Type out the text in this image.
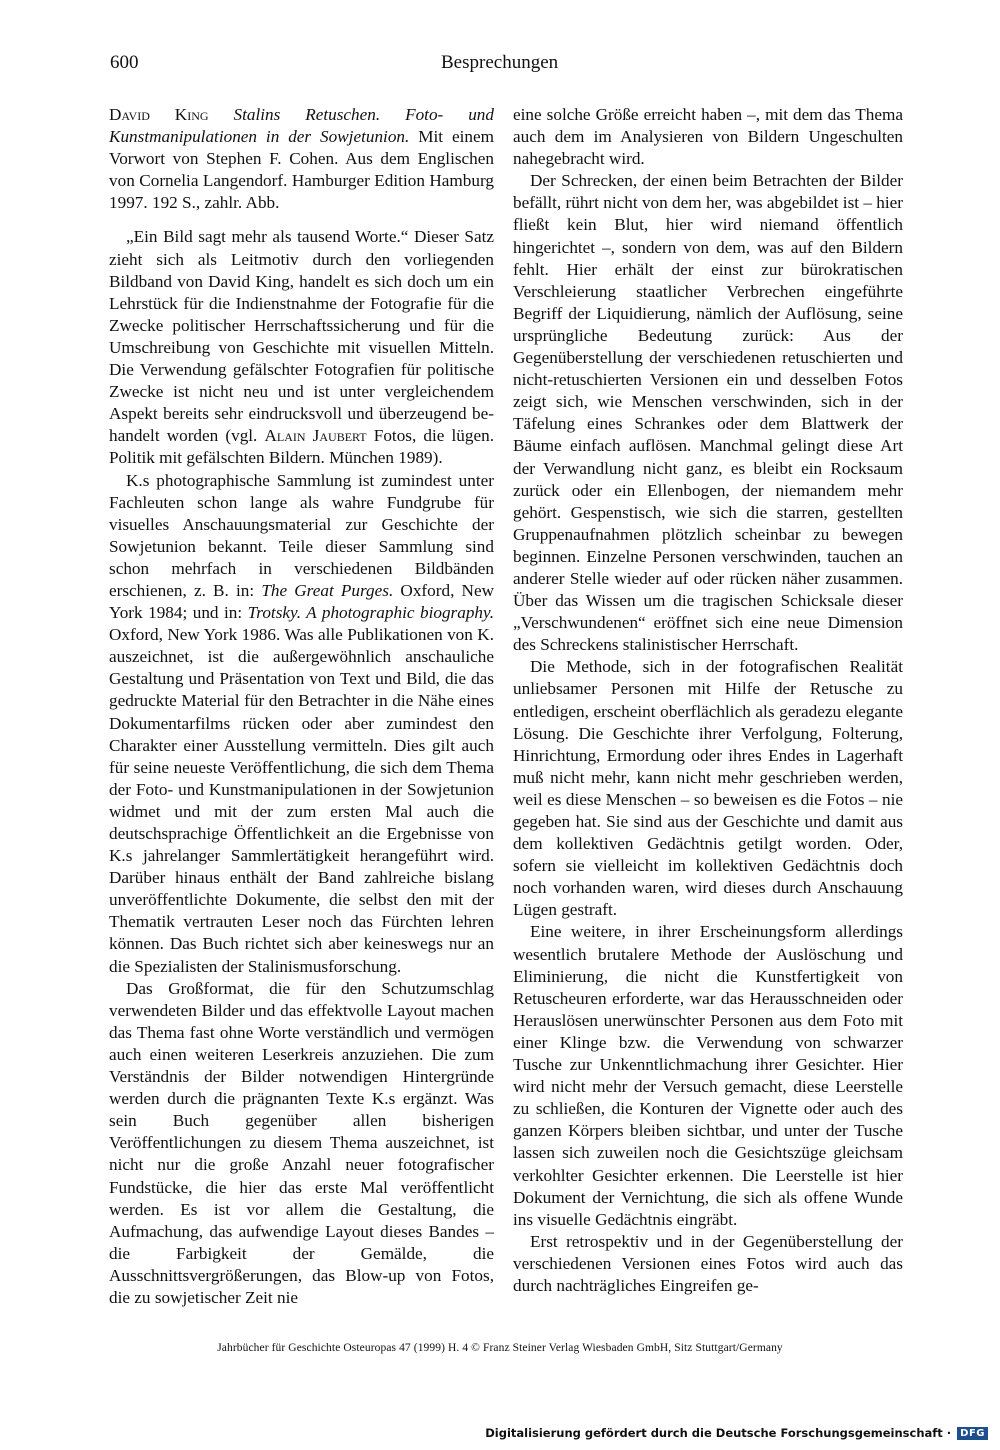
600	Besprechungen

David King Stalins Retuschen. Foto- und Kunstmanipulationen in der Sowjetunion. Mit einem Vorwort von Stephen F. Cohen. Aus dem Englischen von Cornelia Langendorf. Hamburger Edition Hamburg 1997. 192 S., zahlr. Abb.

„Ein Bild sagt mehr als tausend Worte.“ Dieser Satz zieht sich als Leitmotiv durch den vorliegenden Bildband von David King, handelt es sich doch um ein Lehrstück für die Indienstnahme der Fotografie für die Zwecke politischer Herrschaftssicherung und für die Umschreibung von Geschichte mit visuellen Mitteln. Die Verwendung gefälschter Fotografien für politische Zwecke ist nicht neu und ist unter vergleichendem Aspekt bereits sehr eindrucksvoll und überzeugend behandelt worden (vgl. Alain Jaubert Fotos, die lügen. Politik mit gefälschten Bildern. München 1989).

K.s photographische Sammlung ist zumindest unter Fachleuten schon lange als wahre Fundgrube für visuelles Anschauungsmaterial zur Geschichte der Sowjetunion bekannt. Teile dieser Sammlung sind schon mehrfach in verschiedenen Bildbänden erschienen, z. B. in: The Great Purges. Oxford, New York 1984; und in: Trotsky. A photographic biography. Oxford, New York 1986. Was alle Publikationen von K. auszeichnet, ist die außergewöhnlich anschauliche Gestaltung und Präsentation von Text und Bild, die das gedruckte Material für den Betrachter in die Nähe eines Dokumentarfilms rücken oder aber zumindest den Charakter einer Ausstellung vermitteln. Dies gilt auch für seine neueste Veröffentlichung, die sich dem Thema der Foto- und Kunstmanipulationen in der Sowjetunion widmet und mit der zum ersten Mal auch die deutschsprachige Öffentlichkeit an die Ergebnisse von K.s jahrelanger Sammlertätigkeit herangeführt wird. Darüber hinaus enthält der Band zahlreiche bislang unveröffentlichte Dokumente, die selbst den mit der Thematik vertrauten Leser noch das Fürchten lehren können. Das Buch richtet sich aber keineswegs nur an die Spezialisten der Stalinismusforschung.

Das Großformat, die für den Schutzumschlag verwendeten Bilder und das effektvolle Layout machen das Thema fast ohne Worte verständlich und vermögen auch einen weiteren Leserkreis anzuziehen. Die zum Verständnis der Bilder notwendigen Hintergründe werden durch die prägnanten Texte K.s ergänzt. Was sein Buch gegenüber allen bisherigen Veröffentlichungen zu diesem Thema auszeichnet, ist nicht nur die große Anzahl neuer fotografischer Fundstücke, die hier das erste Mal veröffentlicht werden. Es ist vor allem die Gestaltung, die Aufmachung, das aufwendige Layout dieses Bandes – die Farbigkeit der Gemälde, die Ausschnittsvergrößerungen, das Blow-up von Fotos, die zu sowjetischer Zeit nie

eine solche Größe erreicht haben –, mit dem das Thema auch dem im Analysieren von Bildern Ungeschulten nahegebracht wird.

Der Schrecken, der einen beim Betrachten der Bilder befällt, rührt nicht von dem her, was abgebildet ist – hier fließt kein Blut, hier wird niemand öffentlich hingerichtet –, sondern von dem, was auf den Bildern fehlt. Hier erhält der einst zur bürokratischen Verschleierung staatlicher Verbrechen eingeführte Begriff der Liquidierung, nämlich der Auflösung, seine ursprüngliche Bedeutung zurück: Aus der Gegenüberstellung der verschiedenen retuschierten und nicht-retuschierten Versionen ein und desselben Fotos zeigt sich, wie Menschen verschwinden, sich in der Täfelung eines Schrankes oder dem Blattwerk der Bäume einfach auflösen. Manchmal gelingt diese Art der Verwandlung nicht ganz, es bleibt ein Rocksaum zurück oder ein Ellenbogen, der niemandem mehr gehört. Gespenstisch, wie sich die starren, gestellten Gruppenaufnahmen plötzlich scheinbar zu bewegen beginnen. Einzelne Personen verschwinden, tauchen an anderer Stelle wieder auf oder rücken näher zusammen. Über das Wissen um die tragischen Schicksale dieser „Verschwundenen“ eröffnet sich eine neue Dimension des Schreckens stalinistischer Herrschaft.

Die Methode, sich in der fotografischen Realität unliebsamer Personen mit Hilfe der Retusche zu entledigen, erscheint oberflächlich als geradezu elegante Lösung. Die Geschichte ihrer Verfolgung, Folterung, Hinrichtung, Ermordung oder ihres Endes in Lagerhaft muß nicht mehr, kann nicht mehr geschrieben werden, weil es diese Menschen – so beweisen es die Fotos – nie gegeben hat. Sie sind aus der Geschichte und damit aus dem kollektiven Gedächtnis getilgt worden. Oder, sofern sie vielleicht im kollektiven Gedächtnis doch noch vorhanden waren, wird dieses durch Anschauung Lügen gestraft.

Eine weitere, in ihrer Erscheinungsform allerdings wesentlich brutalere Methode der Auslöschung und Eliminierung, die nicht die Kunstfertigkeit von Retuscheuren erforderte, war das Herausschneiden oder Herauslösen unerwünschter Personen aus dem Foto mit einer Klinge bzw. die Verwendung von schwarzer Tusche zur Unkenntlichmachung ihrer Gesichter. Hier wird nicht mehr der Versuch gemacht, diese Leerstelle zu schließen, die Konturen der Vignette oder auch des ganzen Körpers bleiben sichtbar, und unter der Tusche lassen sich zuweilen noch die Gesichtszüge gleichsam verkohlter Gesichter erkennen. Die Leerstelle ist hier Dokument der Vernichtung, die sich als offene Wunde ins visuelle Gedächtnis eingräbt.

Erst retrospektiv und in der Gegenüberstellung der verschiedenen Versionen eines Fotos wird auch das durch nachträgliches Eingreifen ge-

Jahrbücher für Geschichte Osteuropas 47 (1999) H. 4 © Franz Steiner Verlag Wiesbaden GmbH, Sitz Stuttgart/Germany
Digitalisierung gefördert durch die Deutsche Forschungsgemeinschaft · DFG
